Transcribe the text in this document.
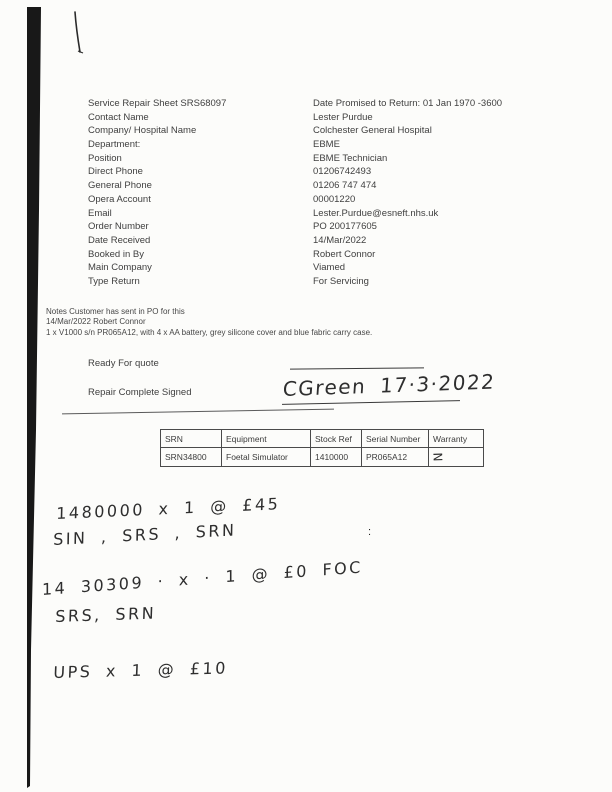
Service Repair Sheet SRS68097	Date Promised to Return: 01 Jan 1970 -3600
Contact Name	Lester Purdue
Company/ Hospital Name	Colchester General Hospital
Department:	EBME
Position	EBME Technician
Direct Phone	01206742493
General Phone	01206 747 474
Opera Account	00001220
Email	Lester.Purdue@esneft.nhs.uk
Order Number	PO 200177605
Date Received	14/Mar/2022
Booked in By	Robert Connor
Main Company	Viamed
Type Return	For Servicing
Notes Customer has sent in PO for this
14/Mar/2022 Robert Connor
1 x V1000 s/n PR065A12, with 4 x AA battery, grey silicone cover and blue fabric carry case.
Ready For quote
Repair Complete Signed	CGreen 17·3·2022
SRN	Equipment	Stock Ref	Serial Number	Warranty
SRN34800	Foetal Simulator	1410000	PR065A12	N
1480000 x 1 @ £45
SIN , SRS , SRN	:
14 30309 · x · 1 @ £0 FOC
SRS, SRN
UPS x 1 @ £10
